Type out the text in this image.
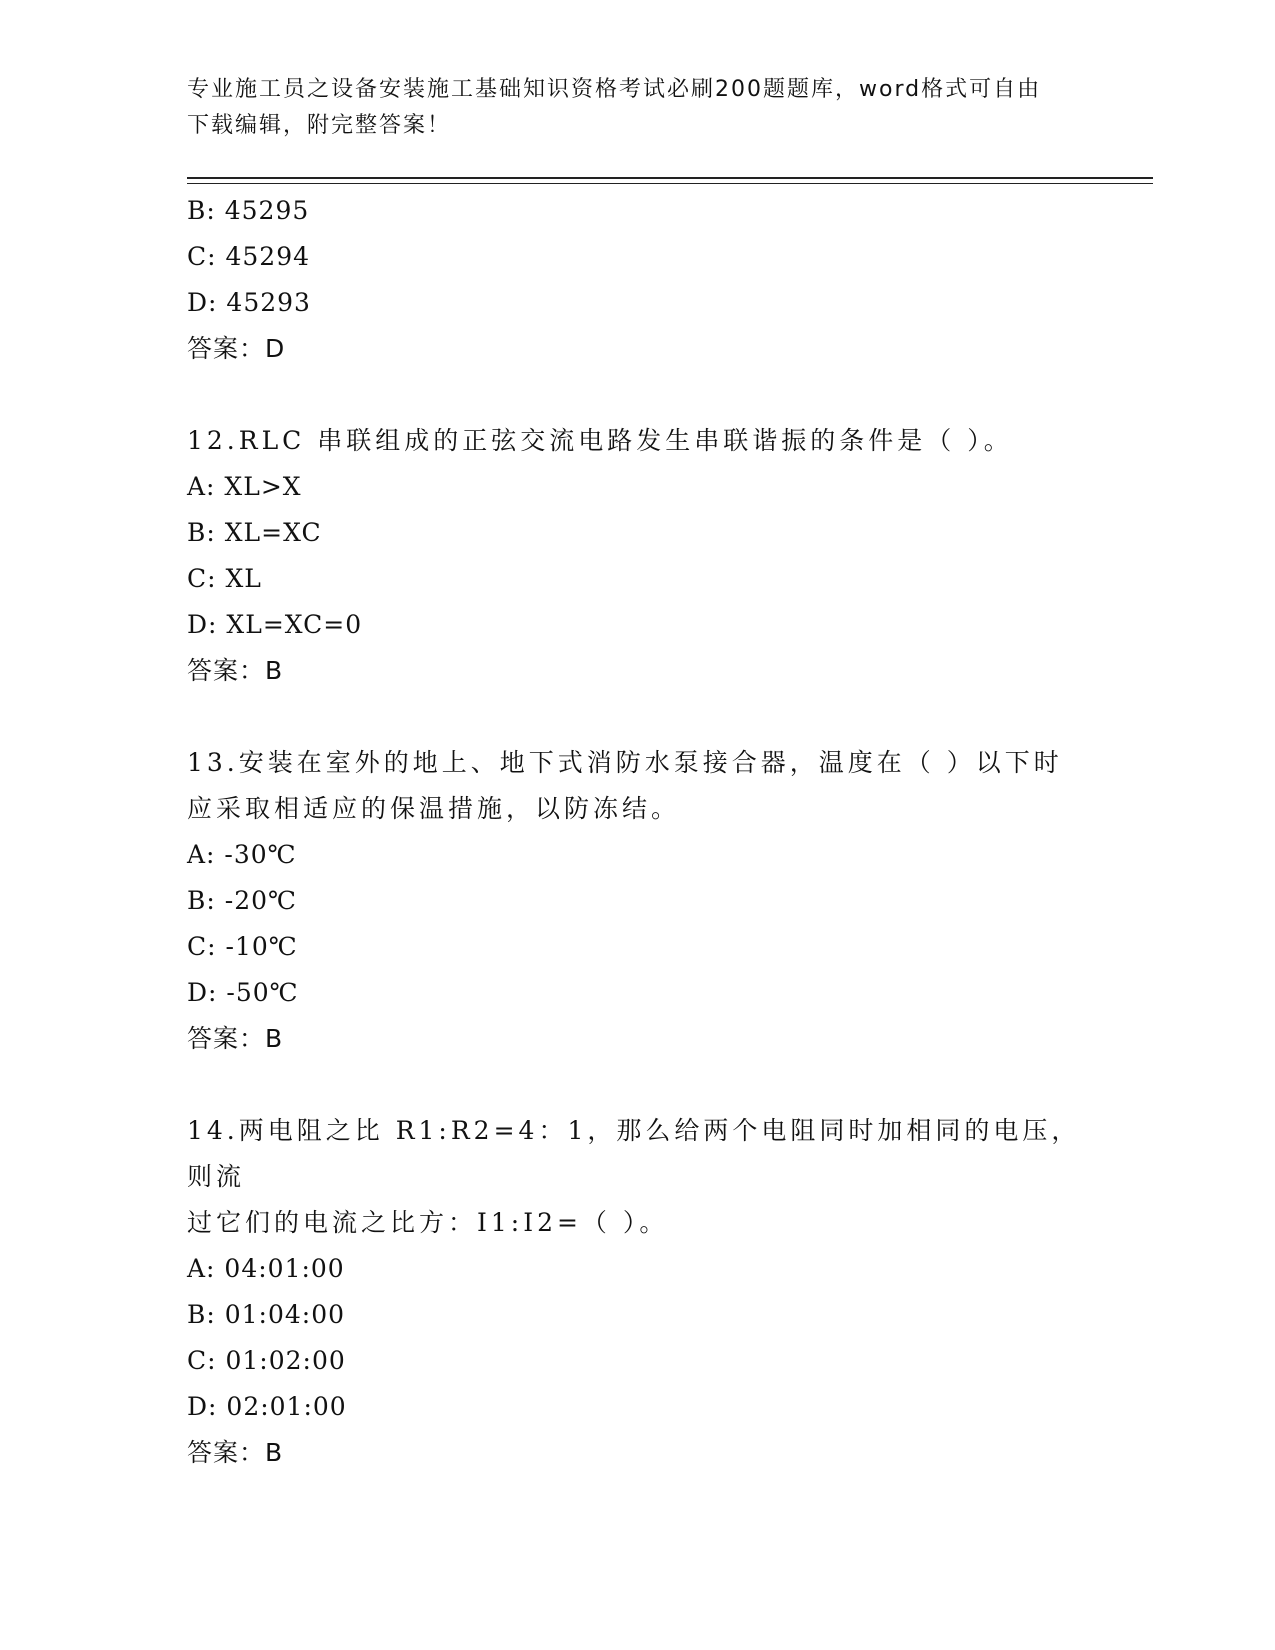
专业施工员之设备安装施工基础知识资格考试必刷200题题库，word格式可自由
下载编辑，附完整答案！
B: 45295
C: 45294
D: 45293
答案：D
12.RLC 串联组成的正弦交流电路发生串联谐振的条件是（ ）。
A: XL>X
B: XL=XC
C: XL
D: XL=XC=0
答案：B
13.安装在室外的地上、地下式消防水泵接合器，温度在（ ）以下时
应采取相适应的保温措施，以防冻结。
A: -30℃
B: -20℃
C: -10℃
D: -50℃
答案：B
14.两电阻之比 R1:R2=4：1，那么给两个电阻同时加相同的电压，则流
过它们的电流之比方：I1:I2=（ ）。
A: 04:01:00
B: 01:04:00
C: 01:02:00
D: 02:01:00
答案：B
